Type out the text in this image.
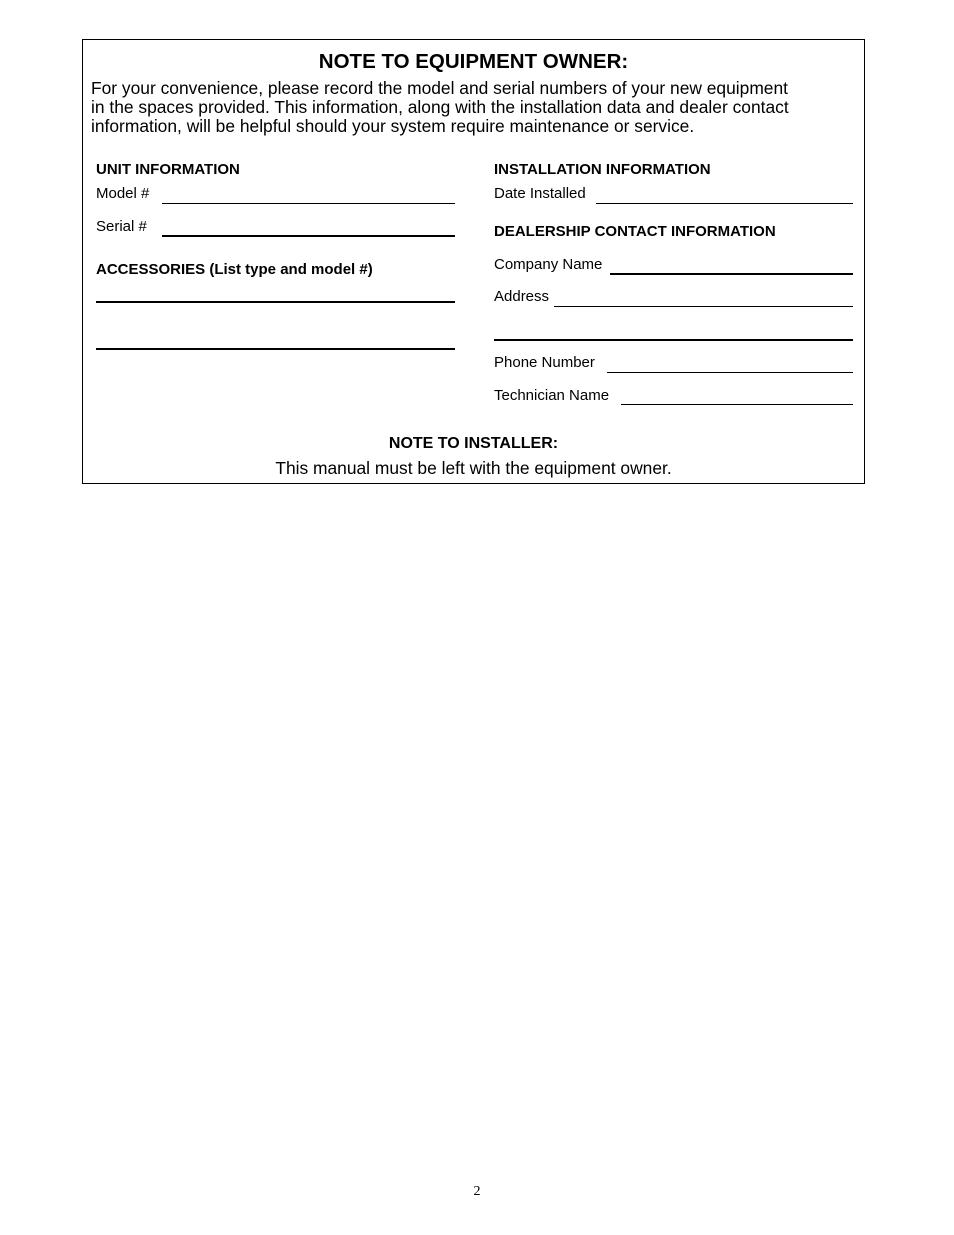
NOTE TO EQUIPMENT OWNER:
For your convenience, please record the model and serial numbers of your new equipment
in the spaces provided. This information, along with the installation data and dealer contact
information, will be helpful should your system require maintenance or service.
UNIT INFORMATION
Model #
Serial #
ACCESSORIES (List type and model #)
INSTALLATION INFORMATION
Date Installed
DEALERSHIP CONTACT INFORMATION
Company Name
Address
Phone Number
Technician Name
NOTE TO INSTALLER:
This manual must be left with the equipment owner.
2
